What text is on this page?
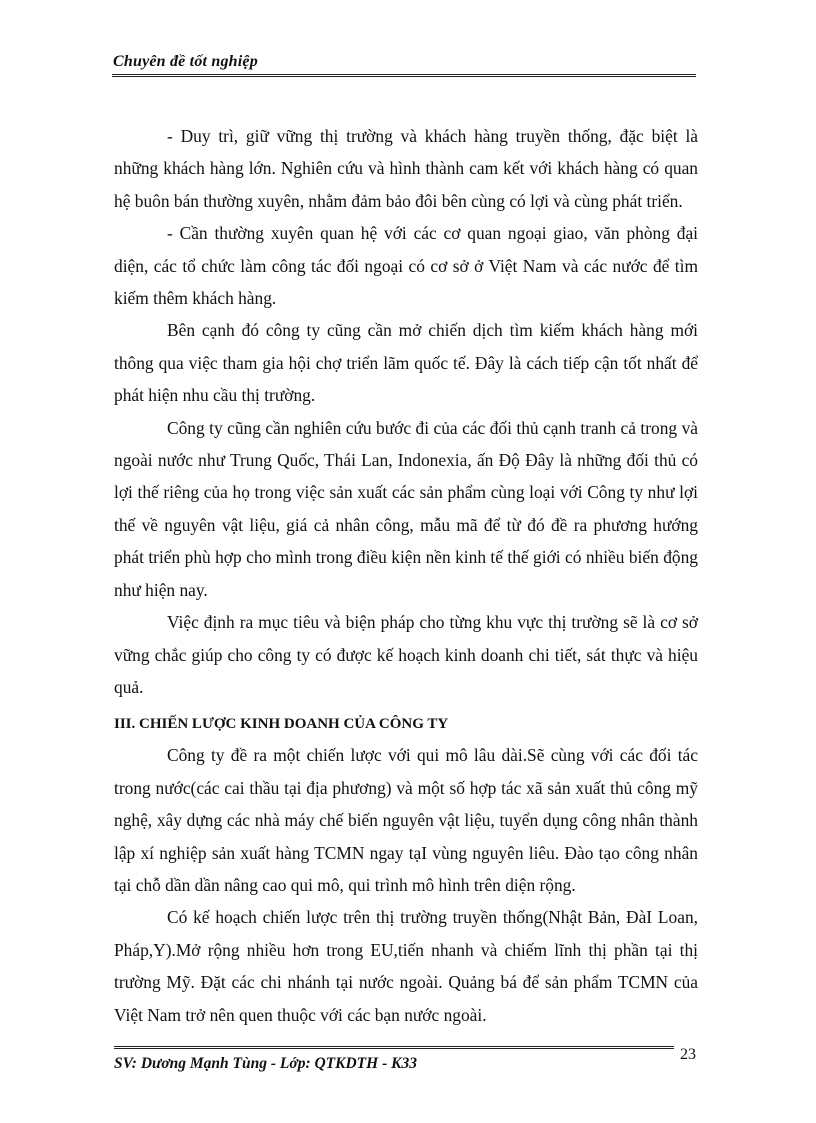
Chuyên đề tốt nghiệp

- Duy trì, giữ vững thị trường và khách hàng truyền thống, đặc biệt là những khách hàng lớn. Nghiên cứu và hình thành cam kết với khách hàng có quan hệ buôn bán thường xuyên, nhằm đảm bảo đôi bên cùng có lợi và cùng phát triển.

- Cần thường xuyên quan hệ với các cơ quan ngoại giao, văn phòng đại diện, các tổ chức làm công tác đối ngoại có cơ sở ở Việt Nam và các nước để tìm kiếm thêm khách hàng.

Bên cạnh đó công ty cũng cần mở chiến dịch tìm kiếm khách hàng mới thông qua việc tham gia hội chợ triển lãm quốc tế. Đây là cách tiếp cận tốt nhất để phát hiện nhu cầu thị trường.

Công ty cũng cần nghiên cứu bước đi của các đối thủ cạnh tranh cả trong và ngoài nước như Trung Quốc, Thái Lan, Indonexia, ấn Độ Đây là những đối thủ có lợi thế riêng của họ trong việc sản xuất các sản phẩm cùng loại với Công ty như lợi thế về nguyên vật liệu, giá cả nhân công, mẫu mã để từ đó đề ra phương hướng phát triển phù hợp cho mình trong điều kiện nền kinh tế thế giới có nhiều biến động như hiện nay.

Việc định ra mục tiêu và biện pháp cho từng khu vực thị trường sẽ là cơ sở vững chắc giúp cho công ty có được kế hoạch kinh doanh chi tiết, sát thực và hiệu quả.

III. CHIẾN LƯỢC KINH DOANH CỦA CÔNG TY

Công ty đề ra một chiến lược với qui mô lâu dài.Sẽ cùng với các đối tác trong nước(các cai thầu tại địa phương) và một số hợp tác xã sản xuất thủ công mỹ nghệ, xây dựng các nhà máy chế biến nguyên vật liệu, tuyển dụng công nhân thành lập xí nghiệp sản xuất hàng TCMN ngay tạI vùng nguyên liêu. Đào tạo công nhân tại chỗ dần dần nâng cao qui mô, qui trình mô hình trên diện rộng.

Có kế hoạch chiến lược trên thị trường truyền thống(Nhật Bản, ĐàI Loan, Pháp,Y).Mở rộng nhiều hơn trong EU,tiến nhanh và chiếm lĩnh thị phần tại thị trường Mỹ. Đặt các chi nhánh tại nước ngoài. Quảng bá để sản phẩm TCMN của Việt Nam trở nên quen thuộc với các bạn nước ngoài.

SV: Dương Mạnh Tùng - Lớp: QTKDTH - K33
23
